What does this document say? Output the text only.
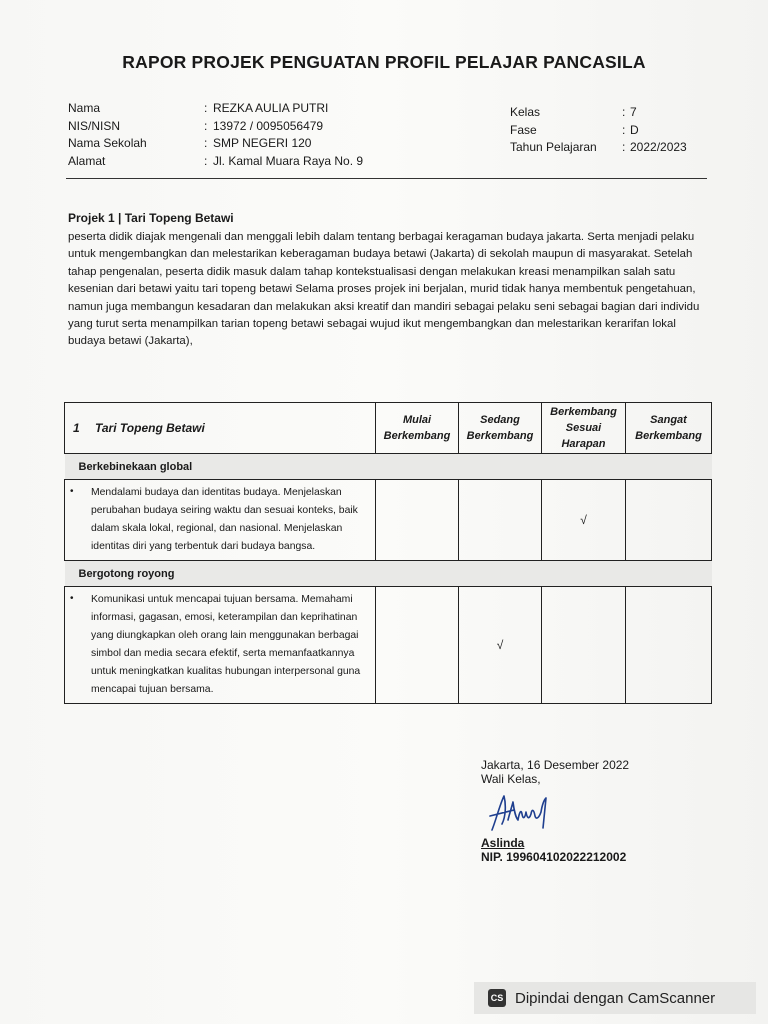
RAPOR PROJEK PENGUATAN PROFIL PELAJAR PANCASILA
Nama	: REZKA AULIA PUTRI
NIS/NISN	: 13972 / 0095056479
Nama Sekolah	: SMP NEGERI 120
Alamat	: Jl. Kamal Muara Raya No. 9
Kelas	: 7
Fase	: D
Tahun Pelajaran	: 2022/2023
Projek 1 | Tari Topeng Betawi
peserta didik diajak mengenali dan menggali lebih dalam tentang berbagai keragaman budaya jakarta. Serta menjadi pelaku untuk mengembangkan dan melestarikan keberagaman budaya betawi (Jakarta) di sekolah maupun di masyarakat. Setelah tahap pengenalan, peserta didik masuk dalam tahap kontekstualisasi dengan melakukan kreasi menampilkan salah satu kesenian dari betawi yaitu tari topeng betawi Selama proses projek ini berjalan, murid tidak hanya membentuk pengetahuan, namun juga membangun kesadaran dan melakukan aksi kreatif dan mandiri sebagai pelaku seni sebagai bagian dari individu yang turut serta menampilkan tarian topeng betawi sebagai wujud ikut mengembangkan dan melestarikan kerarifan lokal budaya betawi (Jakarta),
1 Tari Topeng Betawi	Mulai Berkembang	Sedang Berkembang	Berkembang Sesuai Harapan	Sangat Berkembang
Berkebinekaan global				

• Mendalami budaya dan identitas budaya. Menjelaskan perubahan budaya seiring waktu dan sesuai konteks, baik dalam skala lokal, regional, dan nasional. Menjelaskan identitas diri yang terbentuk dari budaya bangsa.			√	
Bergotong royong				

• Komunikasi untuk mencapai tujuan bersama. Memahami informasi, gagasan, emosi, keterampilan dan keprihatinan yang diungkapkan oleh orang lain menggunakan berbagai simbol dan media secara efektif, serta memanfaatkannya untuk meningkatkan kualitas hubungan interpersonal guna mencapai tujuan bersama.		√		
Jakarta, 16 Desember 2022
Wali Kelas,
Aslinda
NIP. 199604102022212002
CS Dipindai dengan CamScanner
